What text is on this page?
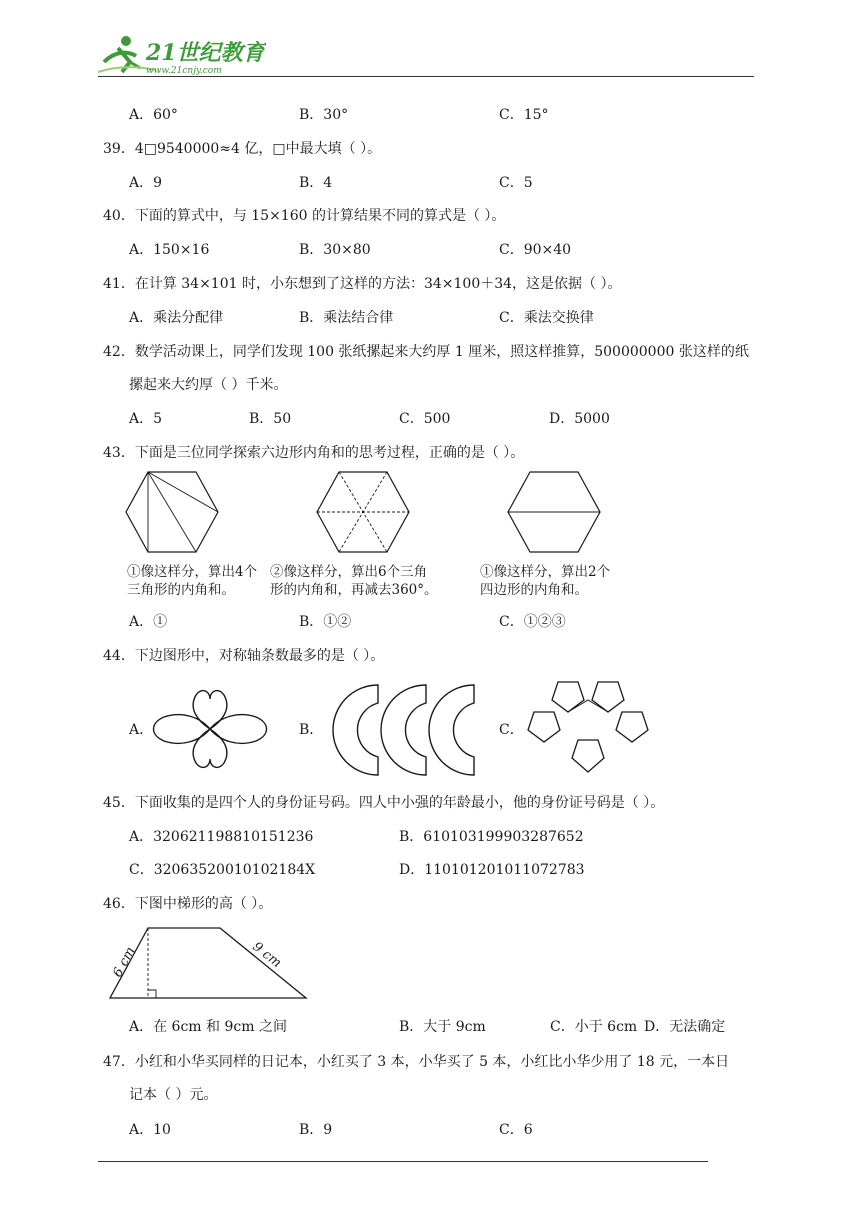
21世纪教育
www.21cnjy.com
A．60°	B．30°	C．15°
39．4□9540000≈4 亿，□中最大填（ ）。
A．9	B．4	C．5
40．下面的算式中，与 15×160 的计算结果不同的算式是（ ）。
A．150×16	B．30×80	C．90×40
41．在计算 34×101 时，小东想到了这样的方法：34×100＋34，这是依据（ ）。
A．乘法分配律	B．乘法结合律	C．乘法交换律
42．数学活动课上，同学们发现 100 张纸摞起来大约厚 1 厘米，照这样推算，500000000 张这样的纸
摞起来大约厚（ ）千米。
A．5	B．50	C．500	D．5000
43．下面是三位同学探索六边形内角和的思考过程，正确的是（ ）。
①像这样分，算出4个
三角形的内角和。
②像这样分，算出6个三角
形的内角和，再减去360°。
①像这样分，算出2个
四边形的内角和。
A．①	B．①②	C．①②③
44．下边图形中，对称轴条数最多的是（ ）。
A．	B．	C．
45．下面收集的是四个人的身份证号码。四人中小强的年龄最小，他的身份证号码是（ ）。
A．320621198810151236	B．610103199903287652
C．32063520010102184X	D．110101201011072783
46．下图中梯形的高（ ）。
6 cm	9 cm
A．在 6cm 和 9cm 之间	B．大于 9cm	C．小于 6cm D．无法确定
47．小红和小华买同样的日记本，小红买了 3 本，小华买了 5 本，小红比小华少用了 18 元，一本日
记本（ ）元。
A．10	B．9	C．6
